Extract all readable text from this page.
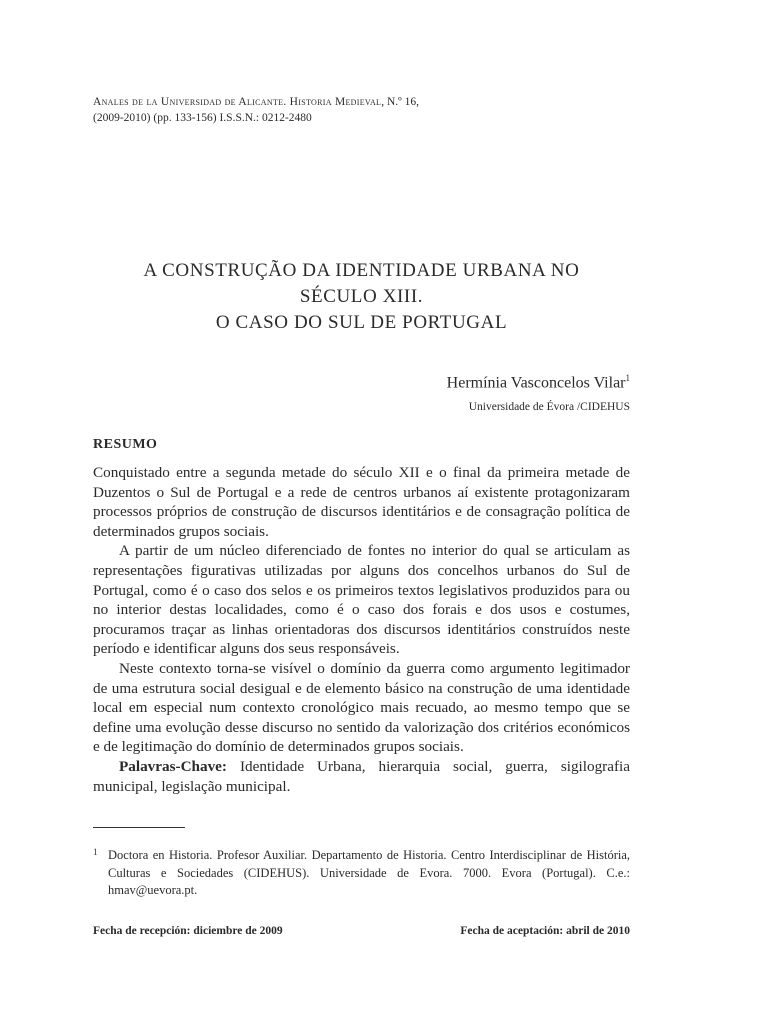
Anales de la Universidad de Alicante. Historia Medieval, N.º 16,
(2009-2010) (pp. 133-156) I.S.S.N.: 0212-2480
A CONSTRUÇÃO DA IDENTIDADE URBANA NO
SÉCULO XIII.
O CASO DO SUL DE PORTUGAL
Hermínia Vasconcelos Vilar$^1$
Universidade de Évora /CIDEHUS
RESUMO

Conquistado entre a segunda metade do século XII e o final da primeira metade de Duzentos o Sul de Portugal e a rede de centros urbanos aí existente protagonizaram processos próprios de construção de discursos identitários e de consagração política de determinados grupos sociais.

A partir de um núcleo diferenciado de fontes no interior do qual se articulam as representações figurativas utilizadas por alguns dos concelhos urbanos do Sul de Portugal, como é o caso dos selos e os primeiros textos legislativos produzidos para ou no interior destas localidades, como é o caso dos forais e dos usos e costumes, procuramos traçar as linhas orientadoras dos discursos identitários construídos neste período e identificar alguns dos seus responsáveis.

Neste contexto torna-se visível o domínio da guerra como argumento legitimador de uma estrutura social desigual e de elemento básico na construção de uma identidade local em especial num contexto cronológico mais recuado, ao mesmo tempo que se define uma evolução desse discurso no sentido da valorização dos critérios económicos e de legitimação do domínio de determinados grupos sociais.

Palavras-Chave: Identidade Urbana, hierarquia social, guerra, sigilografia municipal, legislação municipal.

1 Doctora en Historia. Profesor Auxiliar. Departamento de Historia. Centro Interdisciplinar de História, Culturas e Sociedades (CIDEHUS). Universidade de Evora. 7000. Evora (Portugal). C.e.: hmav@uevora.pt.
Fecha de recepción: diciembre de 2009	Fecha de aceptación: abril de 2010
